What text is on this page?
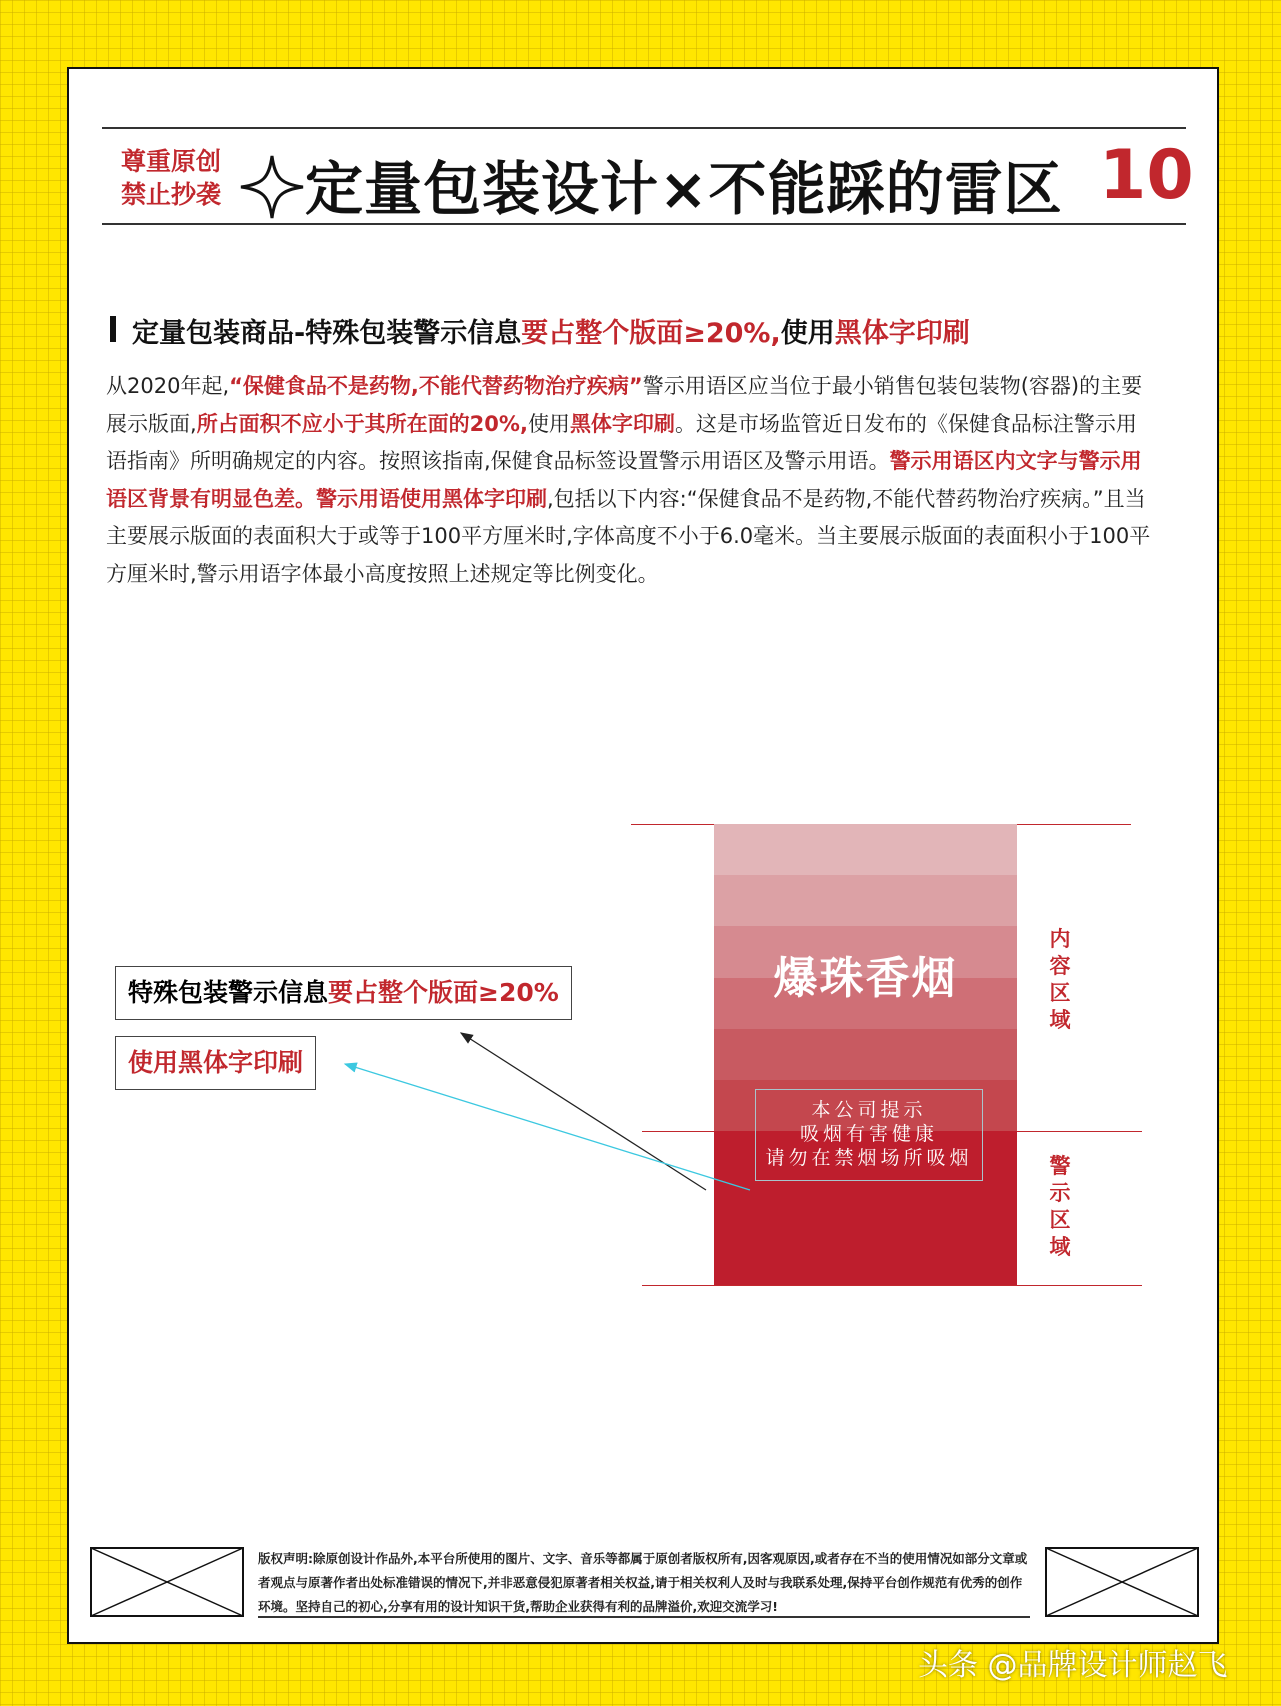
尊重原创
禁止抄袭 定量包装设计×不能踩的雷区 10
定量包装商品-特殊包装警示信息要占整个版面≥20%,使用黑体字印刷
从2020年起,“保健食品不是药物,不能代替药物治疗疾病”警示用语区应当位于最小销售包装包装物(容器)的主要展示版面,所占面积不应小于其所在面的20%,使用黑体字印刷。这是市场监管近日发布的《保健食品标注警示用语指南》所明确规定的内容。按照该指南,保健食品标签设置警示用语区及警示用语。警示用语区内文字与警示用语区背景有明显色差。警示用语使用黑体字印刷,包括以下内容:“保健食品不是药物,不能代替药物治疗疾病。”且当主要展示版面的表面积大于或等于100平方厘米时,字体高度不小于6.0毫米。当主要展示版面的表面积小于100平方厘米时,警示用语字体最小高度按照上述规定等比例变化。
爆珠香烟
本公司提示
吸烟有害健康
请勿在禁烟场所吸烟
内
容
区
域
警
示
区
域
特殊包装警示信息要占整个版面≥20%
使用黑体字印刷
版权声明:除原创设计作品外,本平台所使用的图片、文字、音乐等都属于原创者版权所有,因客观原因,或者存在不当的使用情况如部分文章或者观点与原著作者出处标准错误的情况下,并非恶意侵犯原著者相关权益,请于相关权利人及时与我联系处理,保持平台创作规范有优秀的创作环境。坚持自己的初心,分享有用的设计知识干货,帮助企业获得有利的品牌溢价,欢迎交流学习!
头条 @品牌设计师赵飞
